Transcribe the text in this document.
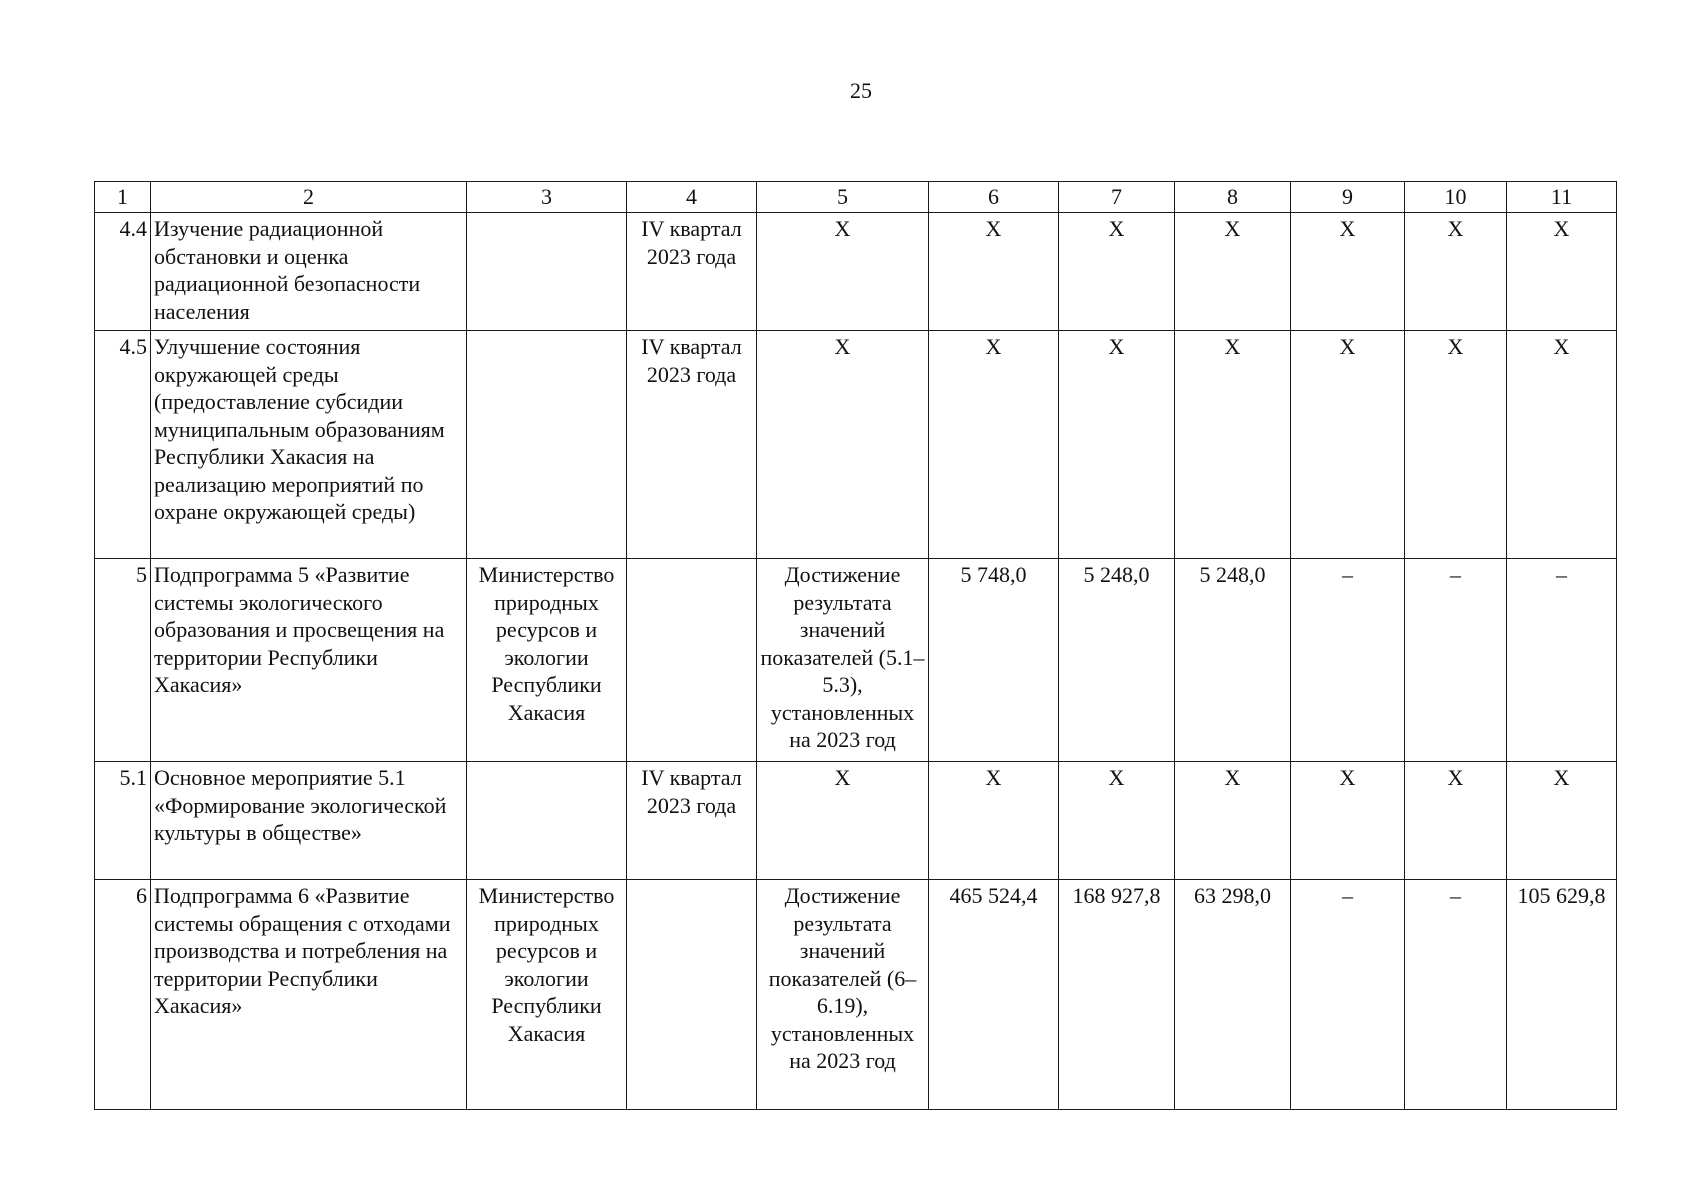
25
1	2	3	4	5	6	7	8	9	10	11
4.4	Изучение радиационной обстановки и оценка радиационной безопасности населения		IV квартал 2023 года	X	X	X	X	X	X	X
4.5	Улучшение состояния окружающей среды (предоставление субсидии муниципальным образованиям Республики Хакасия на реализацию мероприятий по охране окружающей среды)		IV квартал 2023 года	X	X	X	X	X	X	X
5	Подпрограмма 5 «Развитие системы экологического образования и просвещения на территории Республики Хакасия»	Министерство природных ресурсов и экологии Республики Хакасия		Достижение результата значений показателей (5.1–5.3), установленных на 2023 год	5 748,0	5 248,0	5 248,0	–	–	–
5.1	Основное мероприятие 5.1 «Формирование экологической культуры в обществе»		IV квартал 2023 года	X	X	X	X	X	X	X
6	Подпрограмма 6 «Развитие системы обращения с отходами производства и потребления на территории Республики Хакасия»	Министерство природных ресурсов и экологии Республики Хакасия		Достижение результата значений показателей (6–6.19), установленных на 2023 год	465 524,4	168 927,8	63 298,0	–	–	105 629,8
